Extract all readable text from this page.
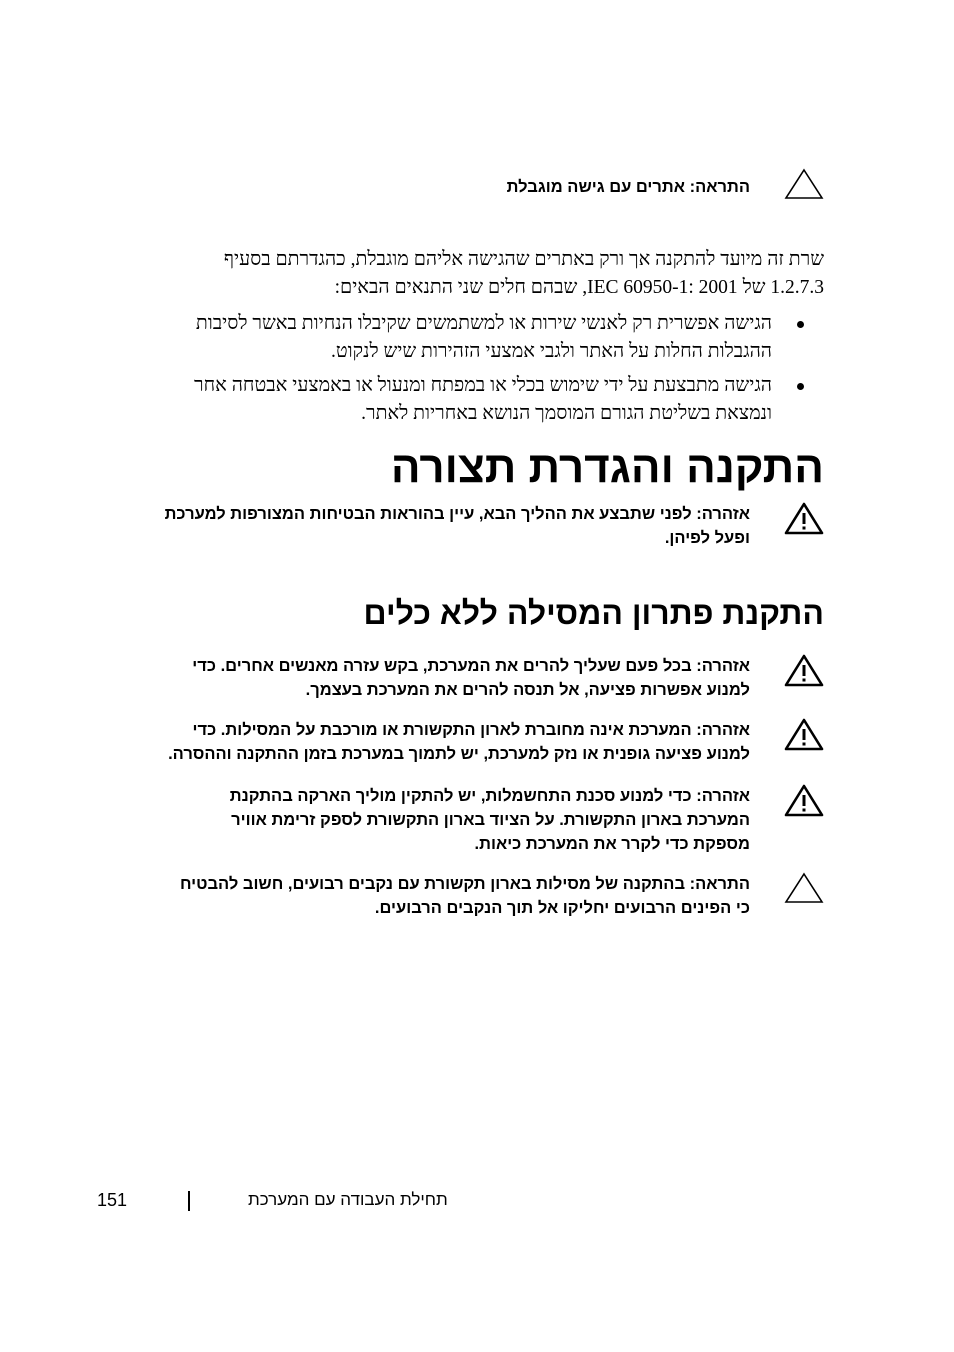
התראה: אתרים עם גישה מוגבלת
שרת זה מיועד להתקנה אך ורק באתרים שהגישה אליהם מוגבלת, כהגדרתם בסעיף
1.2.7.3 של IEC 60950-1: 2001, שבהם חלים שני התנאים הבאים:
הגישה אפשרית רק לאנשי שירות או למשתמשים שקיבלו הנחיות באשר לסיבות
ההגבלות החלות על האתר ולגבי אמצעי הזהירות שיש לנקוט.
הגישה מתבצעת על ידי שימוש בכלי או במפתח ומנעול או באמצעי אבטחה אחר
ונמצאת בשליטת הגורם המוסמך הנושא באחריות לאתר.
התקנה והגדרת תצורה
אזהרה: לפני שתבצע את ההליך הבא, עיין בהוראות הבטיחות המצורפות למערכת
ופעל לפיהן.
התקנת פתרון המסילה ללא כלים
אזהרה: בכל פעם שעליך להרים את המערכת, בקש עזרה מאנשים אחרים. כדי
למנוע אפשרות פציעה, אל תנסה להרים את המערכת בעצמך.
אזהרה: המערכת אינה מחוברת לארון התקשורת או מורכבת על המסילות. כדי
למנוע פציעה גופנית או נזק למערכת, יש לתמוך במערכת בזמן ההתקנה וההסרה.
אזהרה: כדי למנוע סכנת התחשמלות, יש להתקין מוליך הארקה בהתקנת
המערכת בארון התקשורת. על הציוד בארון התקשורת לספק זרימת אוויר
מספקת כדי לקרר את המערכת כיאות.
התראה: בהתקנה של מסילות בארון תקשורת עם נקבים רבועים, חשוב להבטיח
כי הפינים הרבועים יחליקו אל תוך הנקבים הרבועים.
151	תחילת העבודה עם המערכת
